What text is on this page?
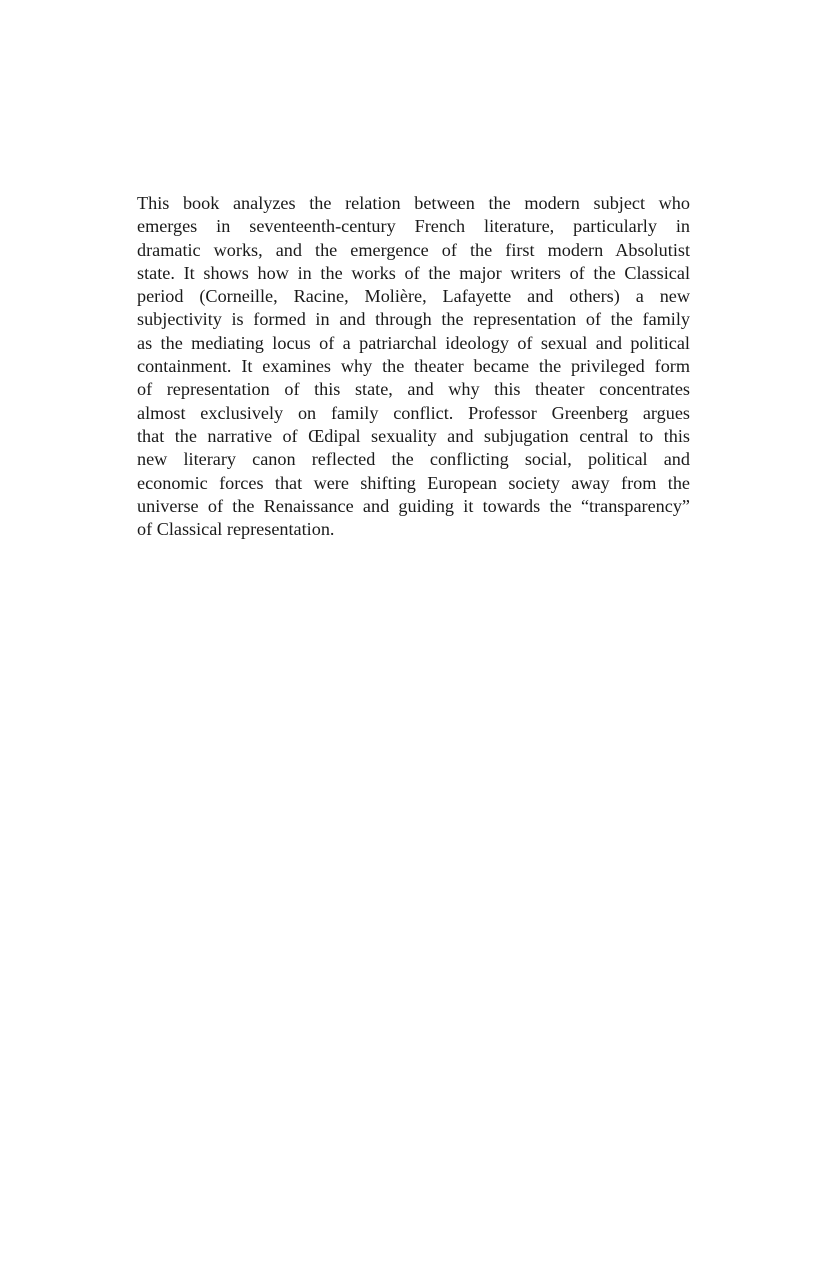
This book analyzes the relation between the modern subject who
emerges in seventeenth-century French literature, particularly in
dramatic works, and the emergence of the first modern Absolutist
state. It shows how in the works of the major writers of the Classical
period (Corneille, Racine, Molière, Lafayette and others) a new
subjectivity is formed in and through the representation of the family
as the mediating locus of a patriarchal ideology of sexual and political
containment. It examines why the theater became the privileged form
of representation of this state, and why this theater concentrates
almost exclusively on family conflict. Professor Greenberg argues
that the narrative of Œdipal sexuality and subjugation central to this
new literary canon reflected the conflicting social, political and
economic forces that were shifting European society away from the
universe of the Renaissance and guiding it towards the “transparency”
of Classical representation.
